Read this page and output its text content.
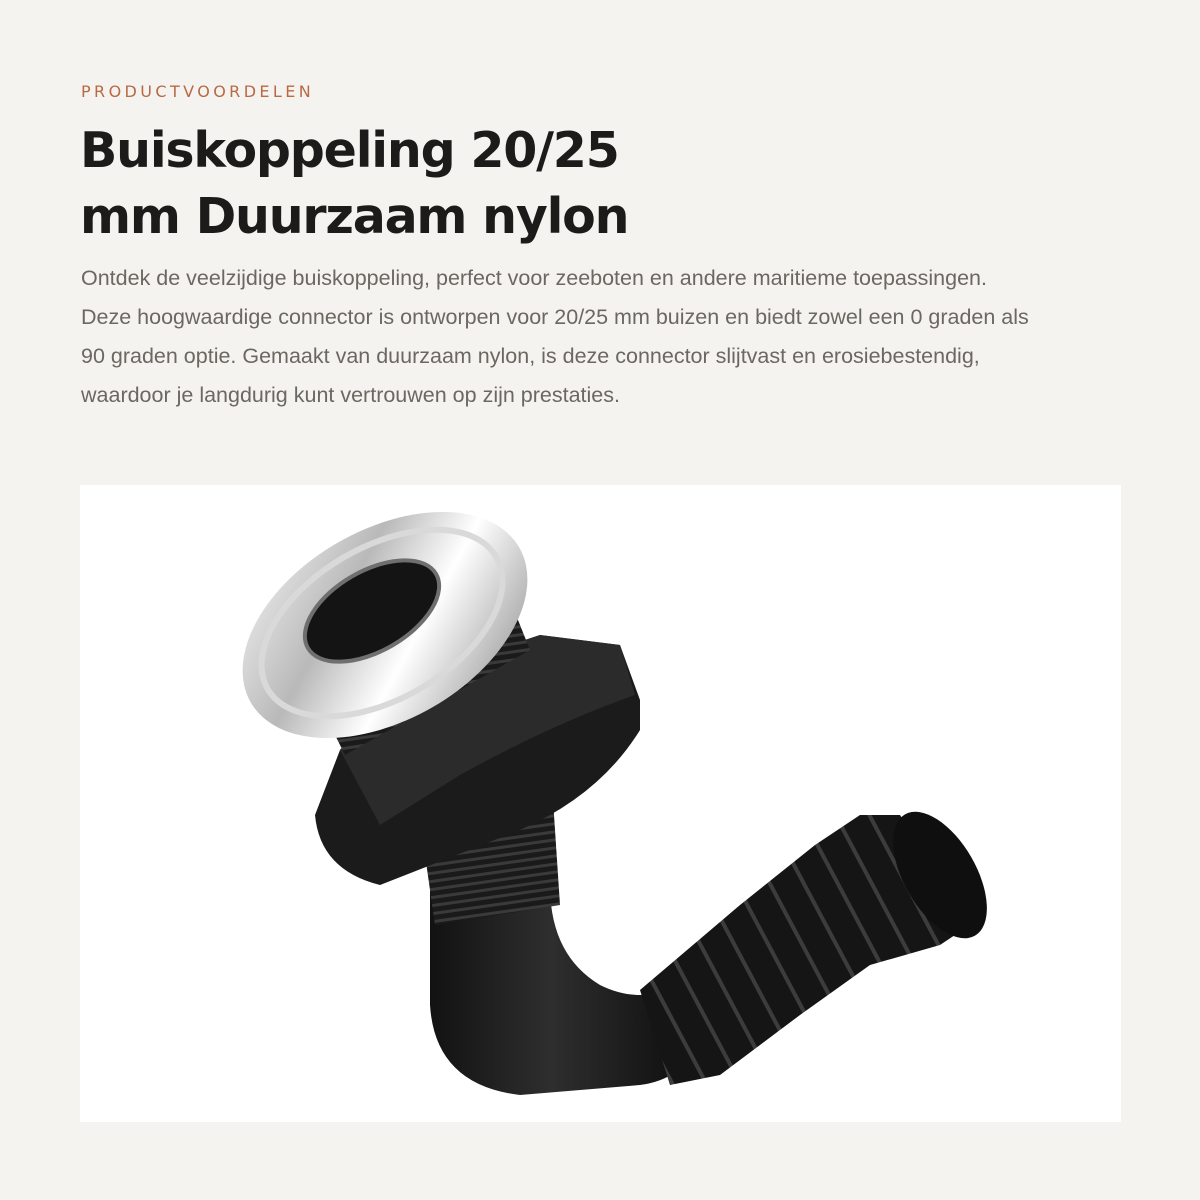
PRODUCTVOORDELEN
Buiskoppeling 20/25
mm Duurzaam nylon

Ontdek de veelzijdige buiskoppeling, perfect voor zeeboten en andere maritieme toepassingen. Deze hoogwaardige connector is ontworpen voor 20/25 mm buizen en biedt zowel een 0 graden als 90 graden optie. Gemaakt van duurzaam nylon, is deze connector slijtvast en erosiebestendig, waardoor je langdurig kunt vertrouwen op zijn prestaties.
